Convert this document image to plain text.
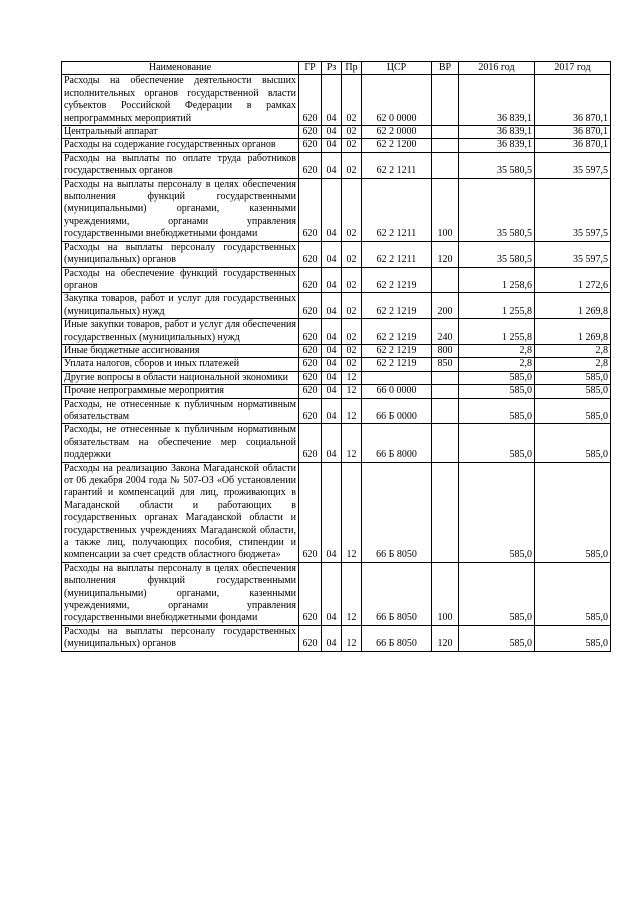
Наименование	ГР	Рз	Пр	ЦСР	ВР	2016 год	2017 год
Расходы на обеспечение деятельности высших исполнительных органов государственной власти субъектов Российской Федерации в рамках непрограммных мероприятий	620	04	02	62 0 0000		36 839,1	36 870,1
Центральный аппарат	620	04	02	62 2 0000		36 839,1	36 870,1
Расходы на содержание государственных органов	620	04	02	62 2 1200		36 839,1	36 870,1
Расходы на выплаты по оплате труда работников государственных органов	620	04	02	62 2 1211		35 580,5	35 597,5
Расходы на выплаты персоналу в целях обеспечения выполнения функций государственными (муниципальными) органами, казенными учреждениями, органами управления государственными внебюджетными фондами	620	04	02	62 2 1211	100	35 580,5	35 597,5
Расходы на выплаты персоналу государственных (муниципальных) органов	620	04	02	62 2 1211	120	35 580,5	35 597,5
Расходы на обеспечение функций государственных органов	620	04	02	62 2 1219		1 258,6	1 272,6
Закупка товаров, работ и услуг для государственных (муниципальных) нужд	620	04	02	62 2 1219	200	1 255,8	1 269,8
Иные закупки товаров, работ и услуг для обеспечения государственных (муниципальных) нужд	620	04	02	62 2 1219	240	1 255,8	1 269,8
Иные бюджетные ассигнования	620	04	02	62 2 1219	800	2,8	2,8
Уплата налогов, сборов и иных платежей	620	04	02	62 2 1219	850	2,8	2,8
Другие вопросы в области национальной экономики	620	04	12			585,0	585,0
Прочие непрограммные мероприятия	620	04	12	66 0 0000		585,0	585,0
Расходы, не отнесенные к публичным нормативным обязательствам	620	04	12	66 Б 0000		585,0	585,0
Расходы, не отнесенные к публичным нормативным обязательствам на обеспечение мер социальной поддержки	620	04	12	66 Б 8000		585,0	585,0
Расходы на реализацию Закона Магаданской области от 06 декабря 2004 года № 507-ОЗ «Об установлении гарантий и компенсаций для лиц, проживающих в Магаданской области и работающих в государственных органах Магаданской области и государственных учреждениях Магаданской области, а также лиц, получающих пособия, стипендии и компенсации за счет средств областного бюджета»	620	04	12	66 Б 8050		585,0	585,0
Расходы на выплаты персоналу в целях обеспечения выполнения функций государственными (муниципальными) органами, казенными учреждениями, органами управления государственными внебюджетными фондами	620	04	12	66 Б 8050	100	585,0	585,0
Расходы на выплаты персоналу государственных (муниципальных) органов	620	04	12	66 Б 8050	120	585,0	585,0
